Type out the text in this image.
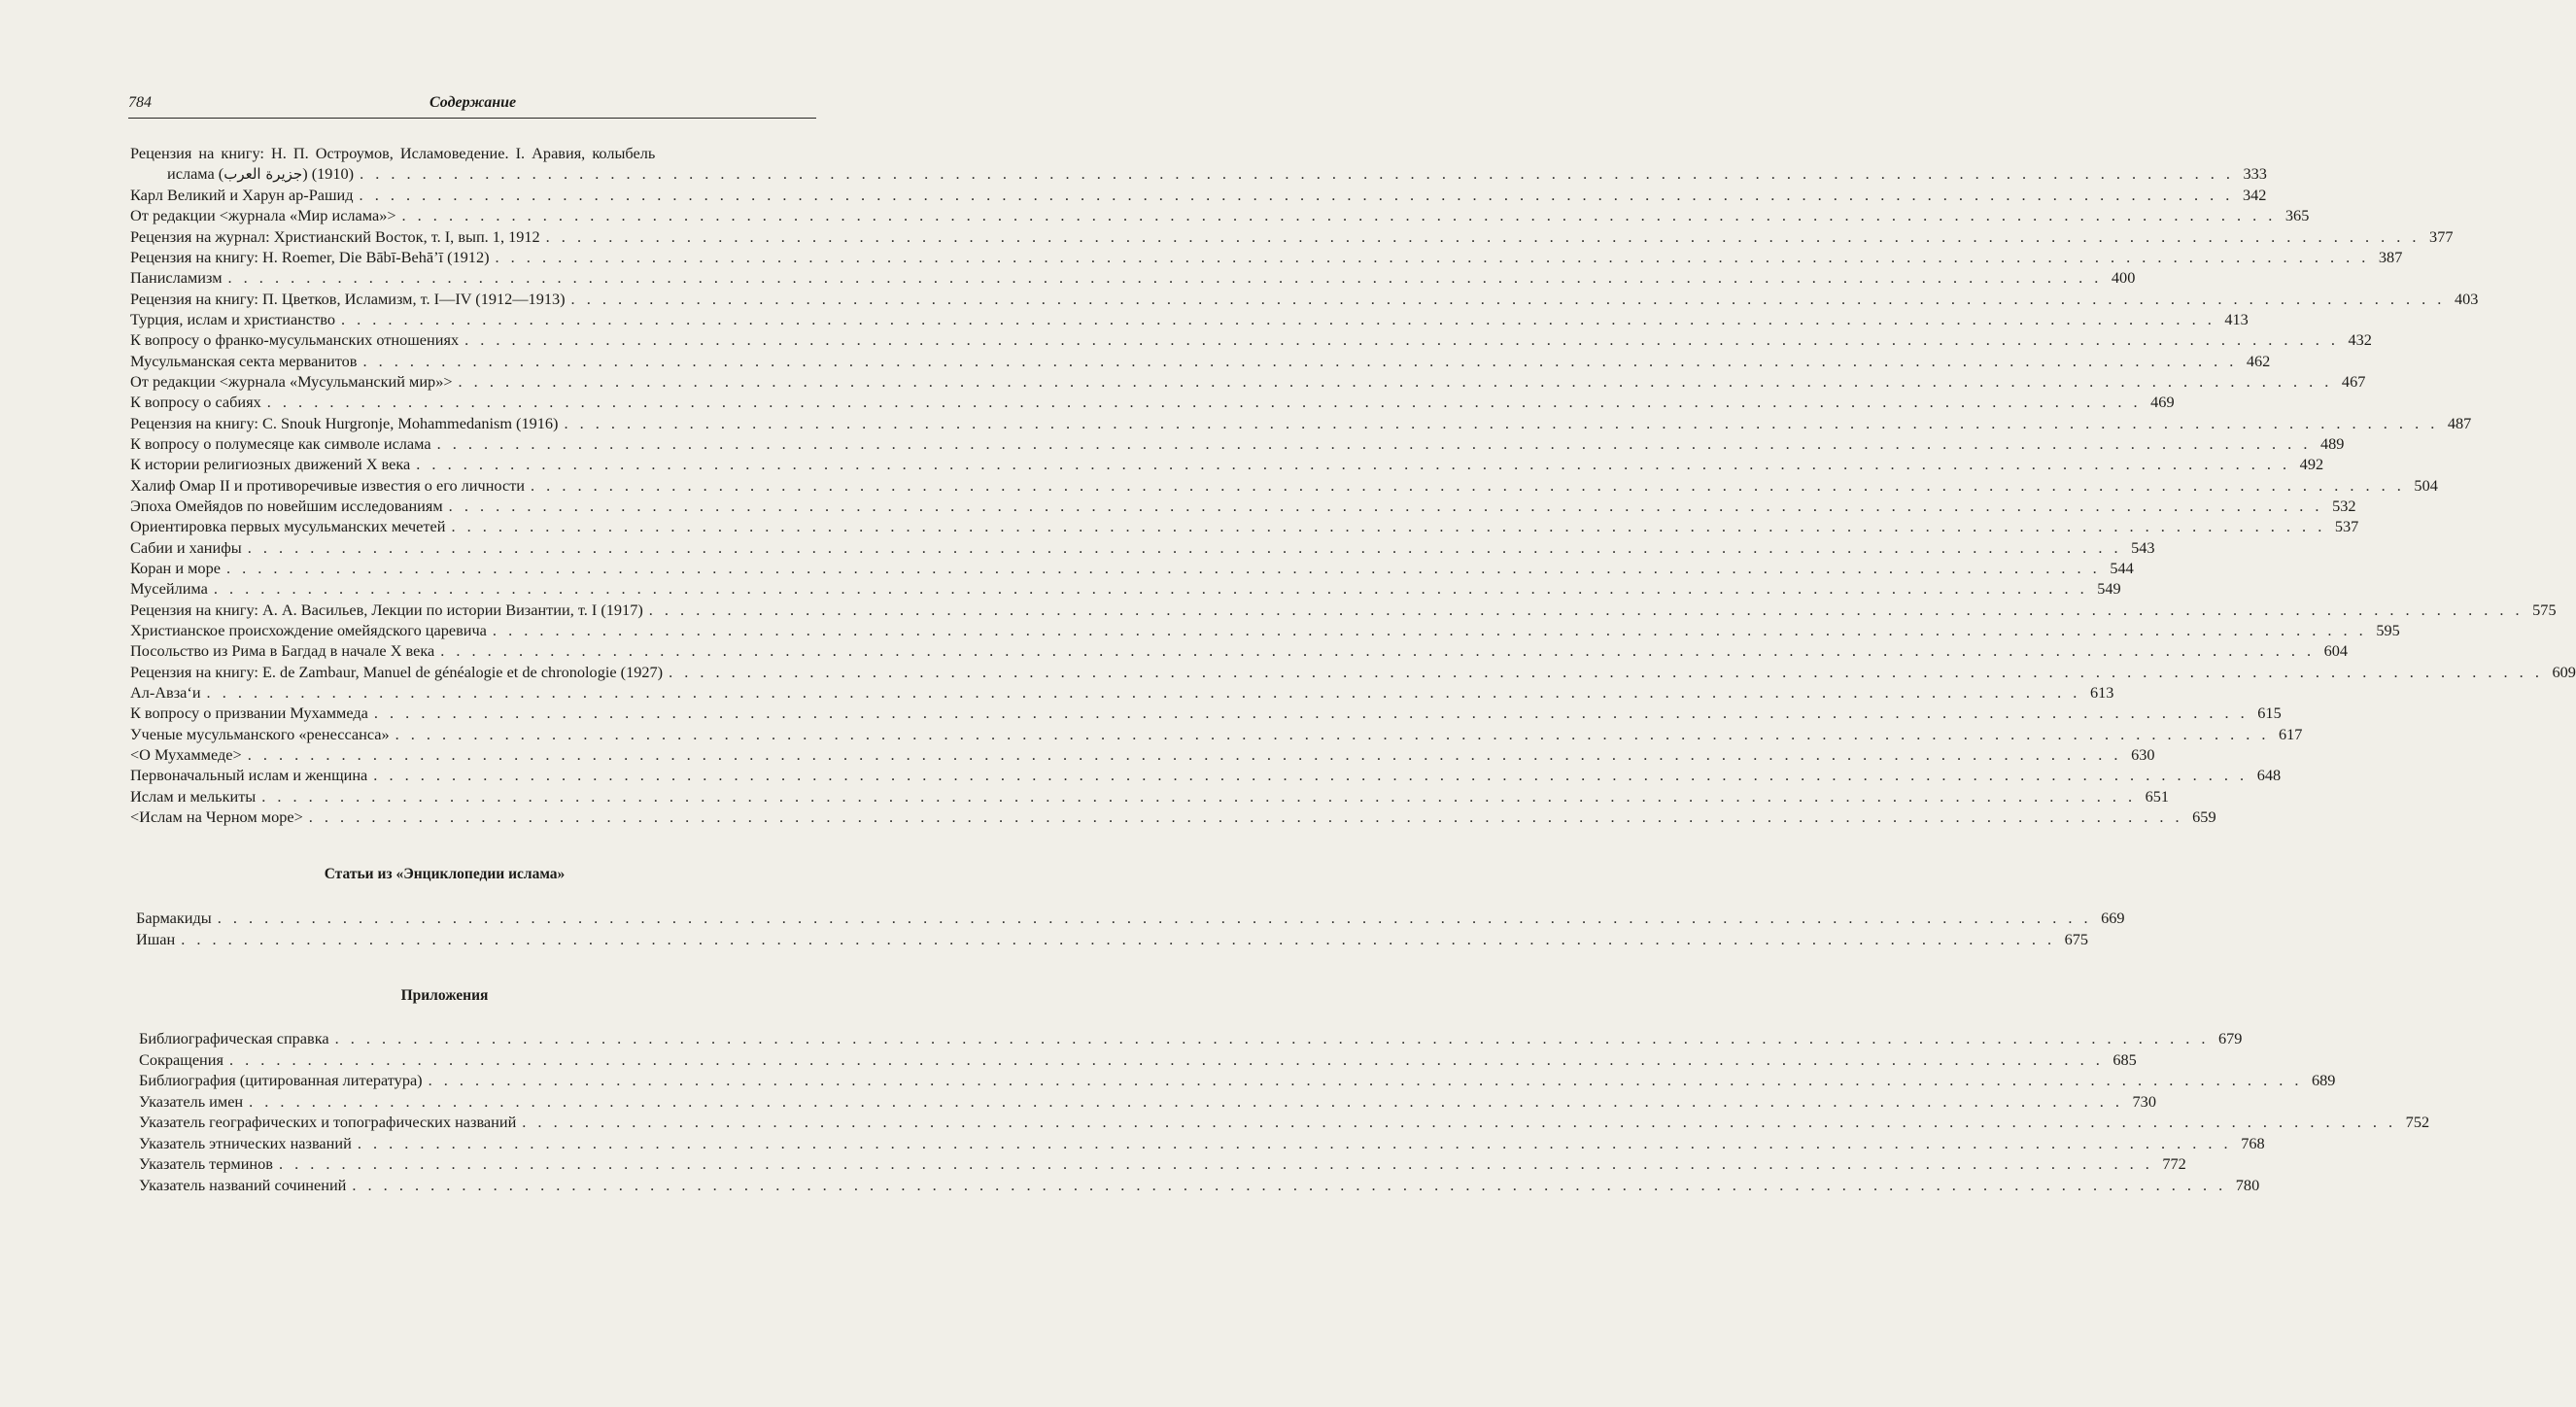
784	Содержание
Рецензия на книгу: Н. П. Остроумов, Исламоведение. I. Аравия, колыбель
ислама (جزيرة العرب) (1910) . . . . . . . . . . . . . . . . . . . . . . . . . . . . . . . . . . . . . . . . . . . . . . . . . . . . . . . . . . . . . . . . . . . . . . . . . . . . . . . . . . . . . . . . . . . . . . . . . . . . . . . . . . . . . . . . . . . . . . . . 333
Карл Великий и Харун ар-Рашид . . . . . . . . . . . . . . . . . . . . . . . . . . . . . . . . . . . . . . . . . . . . . . . . . . . . . . . . . . . . . . . . . . . . . . . . . . . . . . . . . . . . . . . . . . . . . . . . . . . . . . . . . . . . . . . . . . . . . . . . 342
От редакции <журнала «Мир ислама»> . . . . . . . . . . . . . . . . . . . . . . . . . . . . . . . . . . . . . . . . . . . . . . . . . . . . . . . . . . . . . . . . . . . . . . . . . . . . . . . . . . . . . . . . . . . . . . . . . . . . . . . . . . . . . . . . . . . . . . . . 365
Рецензия на журнал: Христианский Восток, т. I, вып. 1, 1912 . . . . . . . . . . . . . . . . . . . . . . . . . . . . . . . . . . . . . . . . . . . . . . . . . . . . . . . . . . . . . . . . . . . . . . . . . . . . . . . . . . . . . . . . . . . . . . . . . . . . . . . . . . . . . . . . . . . . . . . . 377
Рецензия на книгу: H. Roemer, Die Bābī-Behā’ī (1912) . . . . . . . . . . . . . . . . . . . . . . . . . . . . . . . . . . . . . . . . . . . . . . . . . . . . . . . . . . . . . . . . . . . . . . . . . . . . . . . . . . . . . . . . . . . . . . . . . . . . . . . . . . . . . . . . . . . . . . . . 387
Панисламизм . . . . . . . . . . . . . . . . . . . . . . . . . . . . . . . . . . . . . . . . . . . . . . . . . . . . . . . . . . . . . . . . . . . . . . . . . . . . . . . . . . . . . . . . . . . . . . . . . . . . . . . . . . . . . . . . . . . . . . . . 400
Рецензия на книгу: П. Цветков, Исламизм, т. I—IV (1912—1913) . . . . . . . . . . . . . . . . . . . . . . . . . . . . . . . . . . . . . . . . . . . . . . . . . . . . . . . . . . . . . . . . . . . . . . . . . . . . . . . . . . . . . . . . . . . . . . . . . . . . . . . . . . . . . . . . . . . . . . . . 403
Турция, ислам и христианство . . . . . . . . . . . . . . . . . . . . . . . . . . . . . . . . . . . . . . . . . . . . . . . . . . . . . . . . . . . . . . . . . . . . . . . . . . . . . . . . . . . . . . . . . . . . . . . . . . . . . . . . . . . . . . . . . . . . . . . . 413
К вопросу о франко-мусульманских отношениях . . . . . . . . . . . . . . . . . . . . . . . . . . . . . . . . . . . . . . . . . . . . . . . . . . . . . . . . . . . . . . . . . . . . . . . . . . . . . . . . . . . . . . . . . . . . . . . . . . . . . . . . . . . . . . . . . . . . . . . . 432
Мусульманская секта мерванитов . . . . . . . . . . . . . . . . . . . . . . . . . . . . . . . . . . . . . . . . . . . . . . . . . . . . . . . . . . . . . . . . . . . . . . . . . . . . . . . . . . . . . . . . . . . . . . . . . . . . . . . . . . . . . . . . . . . . . . . . 462
От редакции <журнала «Мусульманский мир»> . . . . . . . . . . . . . . . . . . . . . . . . . . . . . . . . . . . . . . . . . . . . . . . . . . . . . . . . . . . . . . . . . . . . . . . . . . . . . . . . . . . . . . . . . . . . . . . . . . . . . . . . . . . . . . . . . . . . . . . . 467
К вопросу о сабиях . . . . . . . . . . . . . . . . . . . . . . . . . . . . . . . . . . . . . . . . . . . . . . . . . . . . . . . . . . . . . . . . . . . . . . . . . . . . . . . . . . . . . . . . . . . . . . . . . . . . . . . . . . . . . . . . . . . . . . . . 469
Рецензия на книгу: C. Snouk Hurgronje, Mohammedanism (1916) . . . . . . . . . . . . . . . . . . . . . . . . . . . . . . . . . . . . . . . . . . . . . . . . . . . . . . . . . . . . . . . . . . . . . . . . . . . . . . . . . . . . . . . . . . . . . . . . . . . . . . . . . . . . . . . . . . . . . . . . 487
К вопросу о полумесяце как символе ислама . . . . . . . . . . . . . . . . . . . . . . . . . . . . . . . . . . . . . . . . . . . . . . . . . . . . . . . . . . . . . . . . . . . . . . . . . . . . . . . . . . . . . . . . . . . . . . . . . . . . . . . . . . . . . . . . . . . . . . . . 489
К истории религиозных движений X века . . . . . . . . . . . . . . . . . . . . . . . . . . . . . . . . . . . . . . . . . . . . . . . . . . . . . . . . . . . . . . . . . . . . . . . . . . . . . . . . . . . . . . . . . . . . . . . . . . . . . . . . . . . . . . . . . . . . . . . . 492
Халиф Омар II и противоречивые известия о его личности . . . . . . . . . . . . . . . . . . . . . . . . . . . . . . . . . . . . . . . . . . . . . . . . . . . . . . . . . . . . . . . . . . . . . . . . . . . . . . . . . . . . . . . . . . . . . . . . . . . . . . . . . . . . . . . . . . . . . . . . 504
Эпоха Омейядов по новейшим исследованиям . . . . . . . . . . . . . . . . . . . . . . . . . . . . . . . . . . . . . . . . . . . . . . . . . . . . . . . . . . . . . . . . . . . . . . . . . . . . . . . . . . . . . . . . . . . . . . . . . . . . . . . . . . . . . . . . . . . . . . . . 532
Ориентировка первых мусульманских мечетей . . . . . . . . . . . . . . . . . . . . . . . . . . . . . . . . . . . . . . . . . . . . . . . . . . . . . . . . . . . . . . . . . . . . . . . . . . . . . . . . . . . . . . . . . . . . . . . . . . . . . . . . . . . . . . . . . . . . . . . . 537
Сабии и ханифы . . . . . . . . . . . . . . . . . . . . . . . . . . . . . . . . . . . . . . . . . . . . . . . . . . . . . . . . . . . . . . . . . . . . . . . . . . . . . . . . . . . . . . . . . . . . . . . . . . . . . . . . . . . . . . . . . . . . . . . . 543
Коран и море . . . . . . . . . . . . . . . . . . . . . . . . . . . . . . . . . . . . . . . . . . . . . . . . . . . . . . . . . . . . . . . . . . . . . . . . . . . . . . . . . . . . . . . . . . . . . . . . . . . . . . . . . . . . . . . . . . . . . . . . 544
Мусейлима . . . . . . . . . . . . . . . . . . . . . . . . . . . . . . . . . . . . . . . . . . . . . . . . . . . . . . . . . . . . . . . . . . . . . . . . . . . . . . . . . . . . . . . . . . . . . . . . . . . . . . . . . . . . . . . . . . . . . . . . 549
Рецензия на книгу: А. А. Васильев, Лекции по истории Византии, т. I (1917) . . . . . . . . . . . . . . . . . . . . . . . . . . . . . . . . . . . . . . . . . . . . . . . . . . . . . . . . . . . . . . . . . . . . . . . . . . . . . . . . . . . . . . . . . . . . . . . . . . . . . . . . . . . . . . . . . . . . . . . . 575
Христианское происхождение омейядского царевича . . . . . . . . . . . . . . . . . . . . . . . . . . . . . . . . . . . . . . . . . . . . . . . . . . . . . . . . . . . . . . . . . . . . . . . . . . . . . . . . . . . . . . . . . . . . . . . . . . . . . . . . . . . . . . . . . . . . . . . . 595
Посольство из Рима в Багдад в начале X века . . . . . . . . . . . . . . . . . . . . . . . . . . . . . . . . . . . . . . . . . . . . . . . . . . . . . . . . . . . . . . . . . . . . . . . . . . . . . . . . . . . . . . . . . . . . . . . . . . . . . . . . . . . . . . . . . . . . . . . . 604
Рецензия на книгу: E. de Zambaur, Manuel de généalogie et de chronologie (1927) . . . . . . . . . . . . . . . . . . . . . . . . . . . . . . . . . . . . . . . . . . . . . . . . . . . . . . . . . . . . . . . . . . . . . . . . . . . . . . . . . . . . . . . . . . . . . . . . . . . . . . . . . . . . . . . . . . . . . . . . 609
Ал-Авза‘и . . . . . . . . . . . . . . . . . . . . . . . . . . . . . . . . . . . . . . . . . . . . . . . . . . . . . . . . . . . . . . . . . . . . . . . . . . . . . . . . . . . . . . . . . . . . . . . . . . . . . . . . . . . . . . . . . . . . . . . . 613
К вопросу о призвании Мухаммеда . . . . . . . . . . . . . . . . . . . . . . . . . . . . . . . . . . . . . . . . . . . . . . . . . . . . . . . . . . . . . . . . . . . . . . . . . . . . . . . . . . . . . . . . . . . . . . . . . . . . . . . . . . . . . . . . . . . . . . . . 615
Ученые мусульманского «ренессанса» . . . . . . . . . . . . . . . . . . . . . . . . . . . . . . . . . . . . . . . . . . . . . . . . . . . . . . . . . . . . . . . . . . . . . . . . . . . . . . . . . . . . . . . . . . . . . . . . . . . . . . . . . . . . . . . . . . . . . . . . 617
<О Мухаммеде> . . . . . . . . . . . . . . . . . . . . . . . . . . . . . . . . . . . . . . . . . . . . . . . . . . . . . . . . . . . . . . . . . . . . . . . . . . . . . . . . . . . . . . . . . . . . . . . . . . . . . . . . . . . . . . . . . . . . . . . . 630
Первоначальный ислам и женщина . . . . . . . . . . . . . . . . . . . . . . . . . . . . . . . . . . . . . . . . . . . . . . . . . . . . . . . . . . . . . . . . . . . . . . . . . . . . . . . . . . . . . . . . . . . . . . . . . . . . . . . . . . . . . . . . . . . . . . . . 648
Ислам и мелькиты . . . . . . . . . . . . . . . . . . . . . . . . . . . . . . . . . . . . . . . . . . . . . . . . . . . . . . . . . . . . . . . . . . . . . . . . . . . . . . . . . . . . . . . . . . . . . . . . . . . . . . . . . . . . . . . . . . . . . . . . 651
<Ислам на Черном море> . . . . . . . . . . . . . . . . . . . . . . . . . . . . . . . . . . . . . . . . . . . . . . . . . . . . . . . . . . . . . . . . . . . . . . . . . . . . . . . . . . . . . . . . . . . . . . . . . . . . . . . . . . . . . . . . . . . . . . . . 659
Статьи из «Энциклопедии ислама»
Бармакиды . . . . . . . . . . . . . . . . . . . . . . . . . . . . . . . . . . . . . . . . . . . . . . . . . . . . . . . . . . . . . . . . . . . . . . . . . . . . . . . . . . . . . . . . . . . . . . . . . . . . . . . . . . . . . . . . . . . . . . . . 669
Ишан . . . . . . . . . . . . . . . . . . . . . . . . . . . . . . . . . . . . . . . . . . . . . . . . . . . . . . . . . . . . . . . . . . . . . . . . . . . . . . . . . . . . . . . . . . . . . . . . . . . . . . . . . . . . . . . . . . . . . . . . 675
Приложения
Библиографическая справка . . . . . . . . . . . . . . . . . . . . . . . . . . . . . . . . . . . . . . . . . . . . . . . . . . . . . . . . . . . . . . . . . . . . . . . . . . . . . . . . . . . . . . . . . . . . . . . . . . . . . . . . . . . . . . . . . . . . . . . . 679
Сокращения . . . . . . . . . . . . . . . . . . . . . . . . . . . . . . . . . . . . . . . . . . . . . . . . . . . . . . . . . . . . . . . . . . . . . . . . . . . . . . . . . . . . . . . . . . . . . . . . . . . . . . . . . . . . . . . . . . . . . . . . 685
Библиография (цитированная литература) . . . . . . . . . . . . . . . . . . . . . . . . . . . . . . . . . . . . . . . . . . . . . . . . . . . . . . . . . . . . . . . . . . . . . . . . . . . . . . . . . . . . . . . . . . . . . . . . . . . . . . . . . . . . . . . . . . . . . . . . 689
Указатель имен . . . . . . . . . . . . . . . . . . . . . . . . . . . . . . . . . . . . . . . . . . . . . . . . . . . . . . . . . . . . . . . . . . . . . . . . . . . . . . . . . . . . . . . . . . . . . . . . . . . . . . . . . . . . . . . . . . . . . . . . 730
Указатель географических и топографических названий . . . . . . . . . . . . . . . . . . . . . . . . . . . . . . . . . . . . . . . . . . . . . . . . . . . . . . . . . . . . . . . . . . . . . . . . . . . . . . . . . . . . . . . . . . . . . . . . . . . . . . . . . . . . . . . . . . . . . . . . 752
Указатель этнических названий . . . . . . . . . . . . . . . . . . . . . . . . . . . . . . . . . . . . . . . . . . . . . . . . . . . . . . . . . . . . . . . . . . . . . . . . . . . . . . . . . . . . . . . . . . . . . . . . . . . . . . . . . . . . . . . . . . . . . . . . 768
Указатель терминов . . . . . . . . . . . . . . . . . . . . . . . . . . . . . . . . . . . . . . . . . . . . . . . . . . . . . . . . . . . . . . . . . . . . . . . . . . . . . . . . . . . . . . . . . . . . . . . . . . . . . . . . . . . . . . . . . . . . . . . . 772
Указатель названий сочинений . . . . . . . . . . . . . . . . . . . . . . . . . . . . . . . . . . . . . . . . . . . . . . . . . . . . . . . . . . . . . . . . . . . . . . . . . . . . . . . . . . . . . . . . . . . . . . . . . . . . . . . . . . . . . . . . . . . . . . . . 780
